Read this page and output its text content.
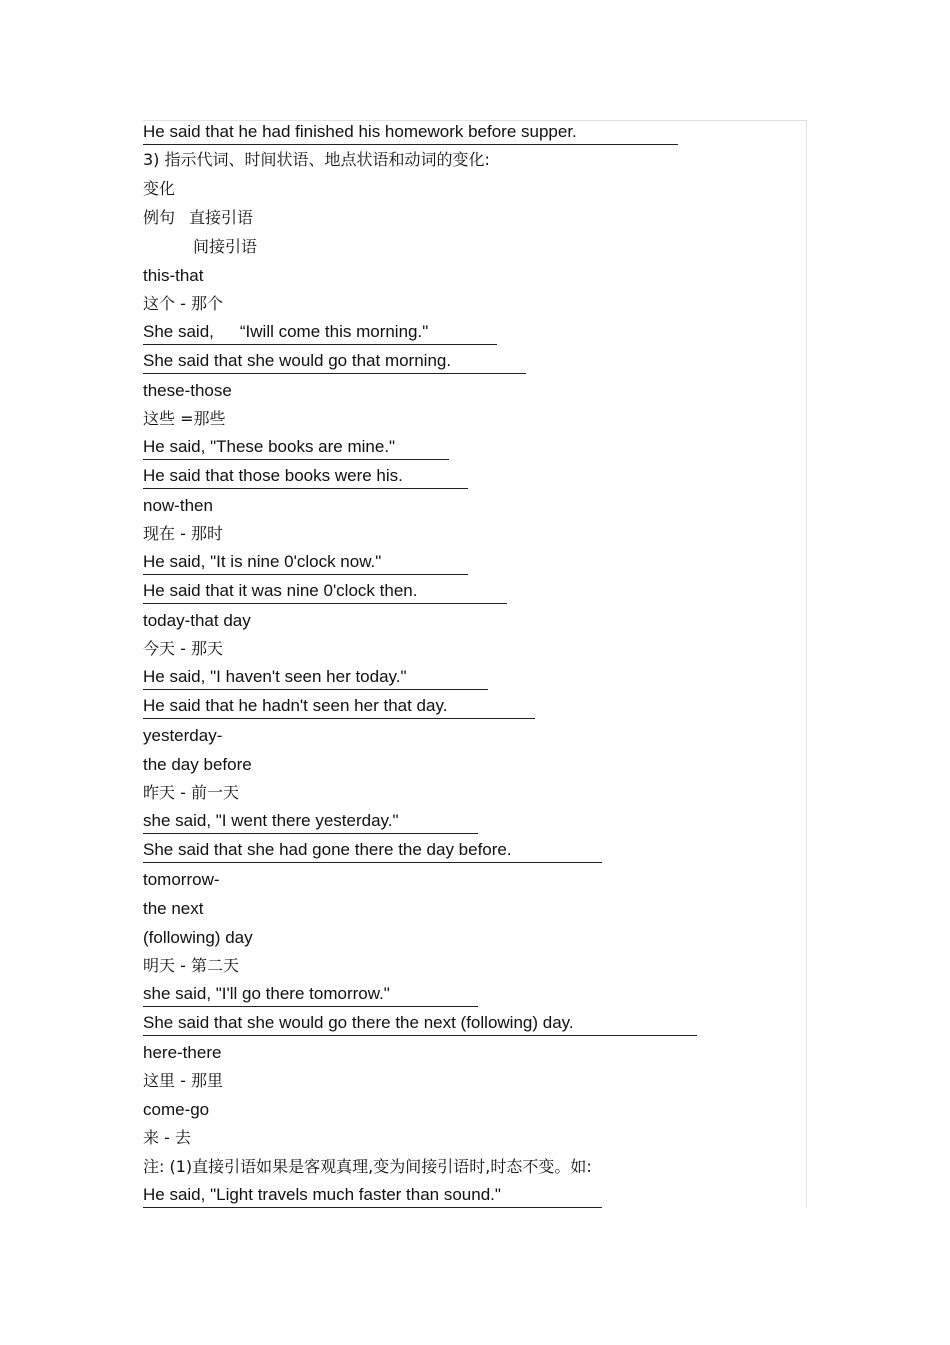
He said that he had finished his homework before supper.
3) 指示代词、时间状语、地点状语和动词的变化:
变化
例句 直接引语
间接引语
this-that
这个 - 那个
She said, “Iwill come this morning."
She said that she would go that morning.
these-those
这些 =那些
He said, "These books are mine."
He said that those books were his.
now-then
现在 - 那时
He said, "It is nine 0'clock now."
He said that it was nine 0'clock then.
today-that day
今天 - 那天
He said, "I haven't seen her today."
He said that he hadn't seen her that day.
yesterday-
the day before
昨天 - 前一天
she said, "I went there yesterday."
She said that she had gone there the day before.
tomorrow-
the next
(following) day
明天 - 第二天
she said, "I'll go there tomorrow."
She said that she would go there the next (following) day.
here-there
这里 - 那里
come-go
来 - 去
注: (1)直接引语如果是客观真理,变为间接引语时,时态不变。如:
He said, "Light travels much faster than sound."
